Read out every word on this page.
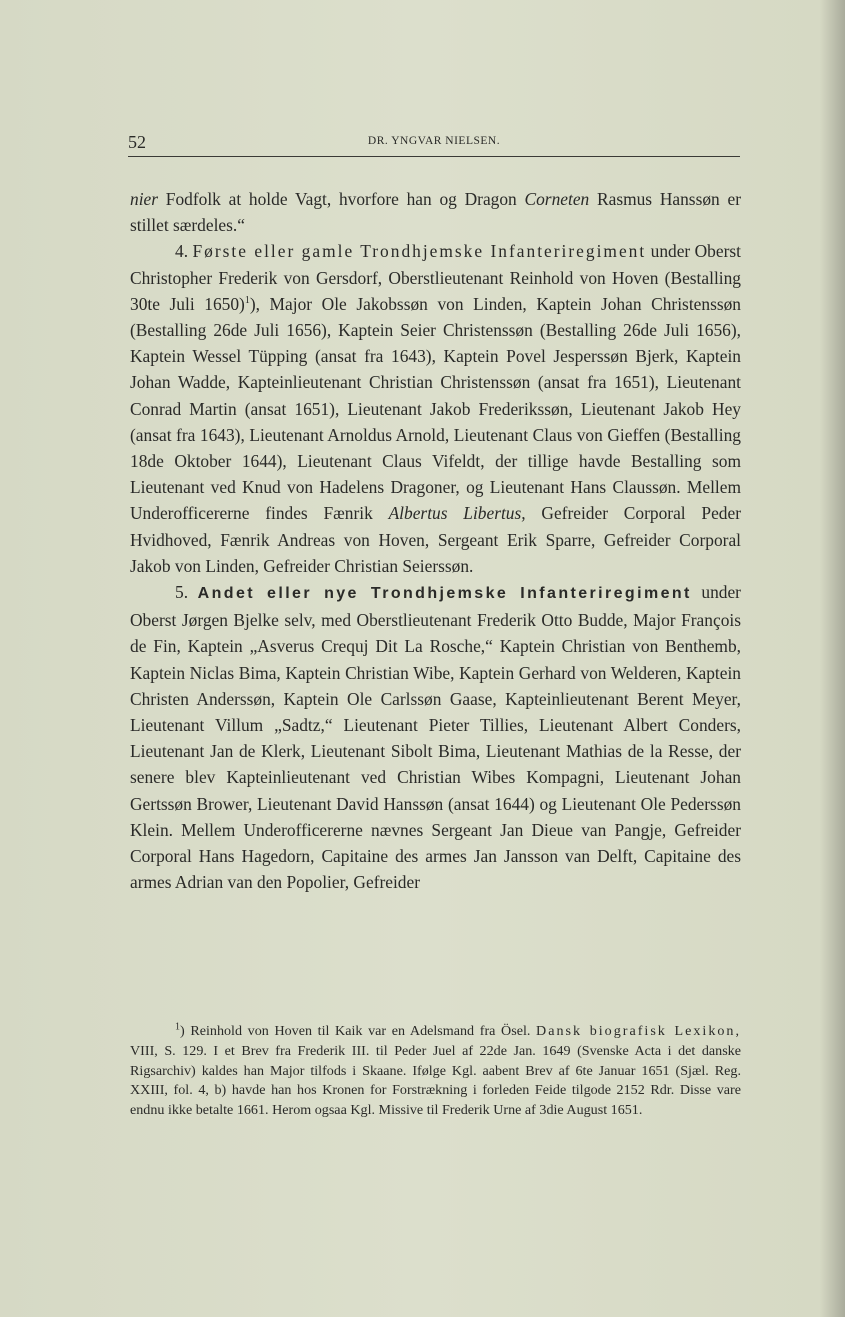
52	DR. YNGVAR NIELSEN.

nier Fodfolk at holde Vagt, hvorfore han og Dragon Corneten Rasmus Hanssøn er stillet særdeles.“

4. Første eller gamle Trondhjemske Infanteriregiment under Oberst Christopher Frederik von Gersdorf, Oberstlieutenant Reinhold von Hoven (Bestalling 30te Juli 1650)$^1$), Major Ole Jakobssøn von Linden, Kaptein Johan Christenssøn (Bestalling 26de Juli 1656), Kaptein Seier Christenssøn (Bestalling 26de Juli 1656), Kaptein Wessel Tüpping (ansat fra 1643), Kaptein Povel Jesperssøn Bjerk, Kaptein Johan Wadde, Kapteinlieutenant Christian Christenssøn (ansat fra 1651), Lieutenant Conrad Martin (ansat 1651), Lieutenant Jakob Frederikssøn, Lieutenant Jakob Hey (ansat fra 1643), Lieutenant Arnoldus Arnold, Lieutenant Claus von Gieffen (Bestalling 18de Oktober 1644), Lieutenant Claus Vifeldt, der tillige havde Bestalling som Lieutenant ved Knud von Hadelens Dragoner, og Lieutenant Hans Claussøn. Mellem Underofficererne findes Fænrik Albertus Libertus, Gefreider Corporal Peder Hvidhoved, Fænrik Andreas von Hoven, Sergeant Erik Sparre, Gefreider Corporal Jakob von Linden, Gefreider Christian Seierssøn.

5. Andet eller nye Trondhjemske Infanteriregiment under Oberst Jørgen Bjelke selv, med Oberstlieutenant Frederik Otto Budde, Major François de Fin, Kaptein „Asverus Crequj Dit La Rosche,“ Kaptein Christian von Benthemb, Kaptein Niclas Bima, Kaptein Christian Wibe, Kaptein Gerhard von Welderen, Kaptein Christen Anderssøn, Kaptein Ole Carlssøn Gaase, Kapteinlieutenant Berent Meyer, Lieutenant Villum „Sadtz,“ Lieutenant Pieter Tillies, Lieutenant Albert Conders, Lieutenant Jan de Klerk, Lieutenant Sibolt Bima, Lieutenant Mathias de la Resse, der senere blev Kapteinlieutenant ved Christian Wibes Kompagni, Lieutenant Johan Gertssøn Brower, Lieutenant David Hanssøn (ansat 1644) og Lieutenant Ole Pederssøn Klein. Mellem Underofficererne nævnes Sergeant Jan Dieue van Pangje, Gefreider Corporal Hans Hagedorn, Capitaine des armes Jan Jansson van Delft, Capitaine des armes Adrian van den Popolier, Gefreider

$^1$) Reinhold von Hoven til Kaik var en Adelsmand fra Ösel. Dansk biografisk Lexikon, VIII, S. 129. I et Brev fra Frederik III. til Peder Juel af 22de Jan. 1649 (Svenske Acta i det danske Rigsarchiv) kaldes han Major tilfods i Skaane. Ifølge Kgl. aabent Brev af 6te Januar 1651 (Sjæl. Reg. XXIII, fol. 4, b) havde han hos Kronen for Forstrækning i forleden Feide tilgode 2152 Rdr. Disse vare endnu ikke betalte 1661. Herom ogsaa Kgl. Missive til Frederik Urne af 3die August 1651.
